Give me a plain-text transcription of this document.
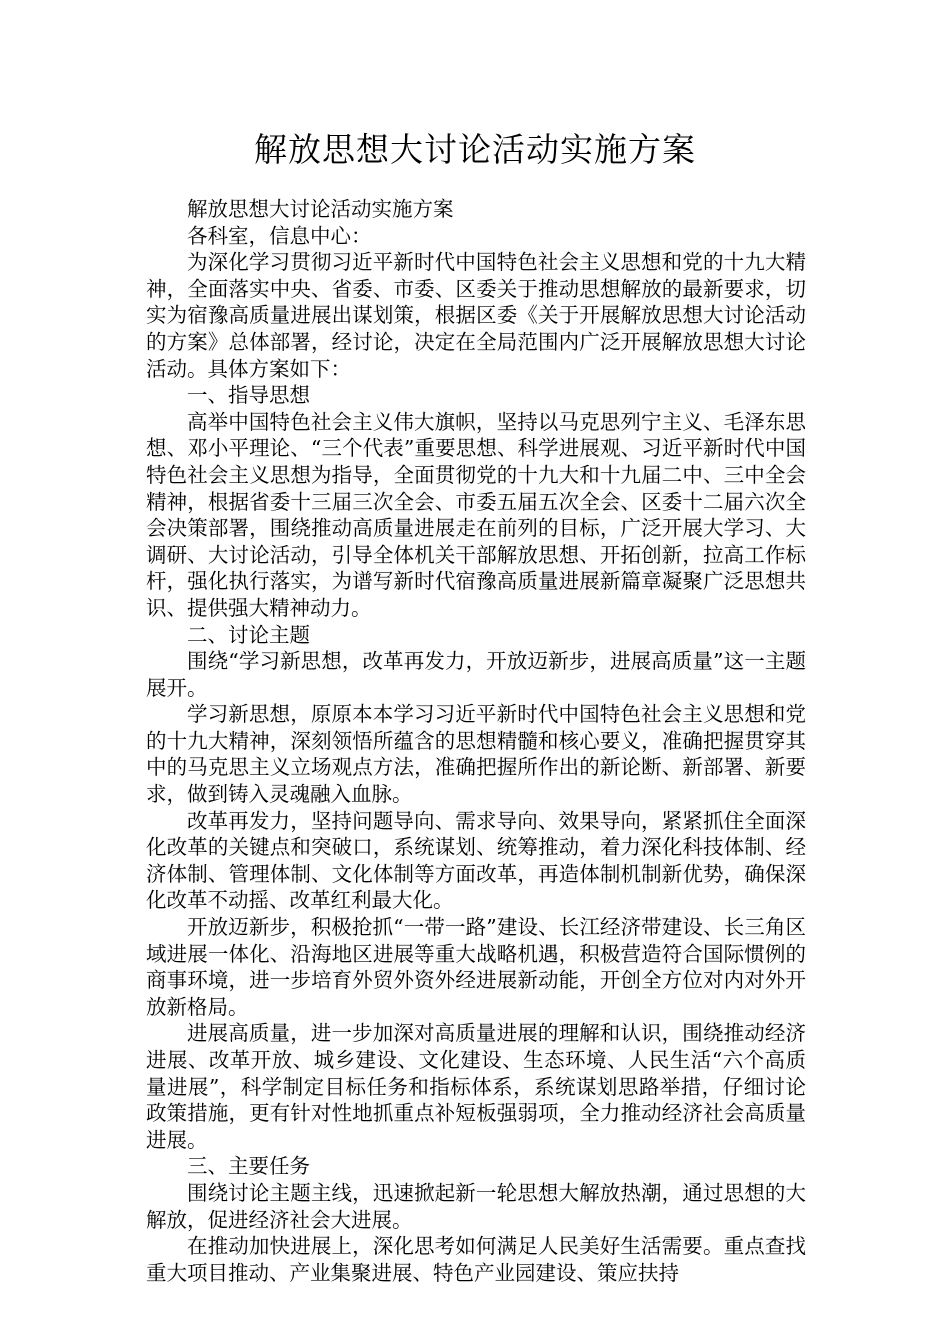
解放思想大讨论活动实施方案

解放思想大讨论活动实施方案

各科室，信息中心：

为深化学习贯彻习近平新时代中国特色社会主义思想和党的十九大精神，全面落实中央、省委、市委、区委关于推动思想解放的最新要求，切实为宿豫高质量进展出谋划策，根据区委《关于开展解放思想大讨论活动的方案》总体部署，经讨论，决定在全局范围内广泛开展解放思想大讨论活动。具体方案如下：

一、指导思想

高举中国特色社会主义伟大旗帜，坚持以马克思列宁主义、毛泽东思想、邓小平理论、“三个代表”重要思想、科学进展观、习近平新时代中国特色社会主义思想为指导，全面贯彻党的十九大和十九届二中、三中全会精神，根据省委十三届三次全会、市委五届五次全会、区委十二届六次全会决策部署，围绕推动高质量进展走在前列的目标，广泛开展大学习、大调研、大讨论活动，引导全体机关干部解放思想、开拓创新，拉高工作标杆，强化执行落实，为谱写新时代宿豫高质量进展新篇章凝聚广泛思想共识、提供强大精神动力。

二、讨论主题

围绕“学习新思想，改革再发力，开放迈新步，进展高质量”这一主题展开。

学习新思想，原原本本学习习近平新时代中国特色社会主义思想和党的十九大精神，深刻领悟所蕴含的思想精髓和核心要义，准确把握贯穿其中的马克思主义立场观点方法，准确把握所作出的新论断、新部署、新要求，做到铸入灵魂融入血脉。

改革再发力，坚持问题导向、需求导向、效果导向，紧紧抓住全面深化改革的关键点和突破口，系统谋划、统筹推动，着力深化科技体制、经济体制、管理体制、文化体制等方面改革，再造体制机制新优势，确保深化改革不动摇、改革红利最大化。

开放迈新步，积极抢抓“一带一路”建设、长江经济带建设、长三角区域进展一体化、沿海地区进展等重大战略机遇，积极营造符合国际惯例的商事环境，进一步培育外贸外资外经进展新动能，开创全方位对内对外开放新格局。

进展高质量，进一步加深对高质量进展的理解和认识，围绕推动经济进展、改革开放、城乡建设、文化建设、生态环境、人民生活“六个高质量进展”，科学制定目标任务和指标体系，系统谋划思路举措，仔细讨论政策措施，更有针对性地抓重点补短板强弱项，全力推动经济社会高质量进展。

三、主要任务

围绕讨论主题主线，迅速掀起新一轮思想大解放热潮，通过思想的大解放，促进经济社会大进展。

在推动加快进展上，深化思考如何满足人民美好生活需要。重点查找重大项目推动、产业集聚进展、特色产业园建设、策应扶持
